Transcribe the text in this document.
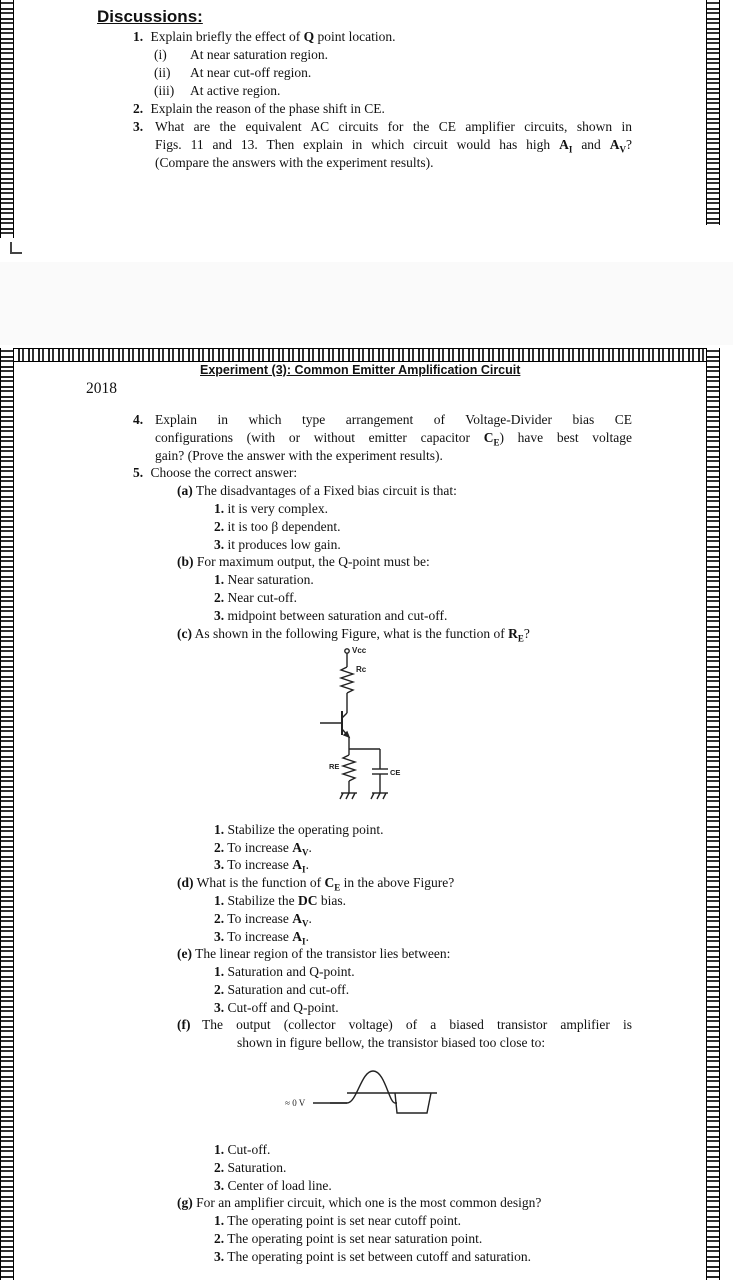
Discussions:
1. Explain briefly the effect of Q point location.
(i) At near saturation region.
(ii) At near cut-off region.
(iii) At active region.
2. Explain the reason of the phase shift in CE.
3. What are the equivalent AC circuits for the CE amplifier circuits, shown in
Figs. 11 and 13. Then explain in which circuit would has high $A_I$ and $A_V$?
(Compare the answers with the experiment results).
Experiment (3): Common Emitter Amplification Circuit
2018
4. Explain in which type arrangement of Voltage-Divider bias CE
configurations (with or without emitter capacitor $C_E$) have best voltage
gain? (Prove the answer with the experiment results).
5. Choose the correct answer:
(a) The disadvantages of a Fixed bias circuit is that:
1. it is very complex.
2. it is too β dependent.
3. it produces low gain.
(b) For maximum output, the Q-point must be:
1. Near saturation.
2. Near cut-off.
3. midpoint between saturation and cut-off.
(c) As shown in the following Figure, what is the function of $R_E$?
Vcc
Rc
RE
CE
1. Stabilize the operating point.
2. To increase $A_V$.
3. To increase $A_I$.
(d) What is the function of $C_E$ in the above Figure?
1. Stabilize the DC bias.
2. To increase $A_V$.
3. To increase $A_I$.
(e) The linear region of the transistor lies between:
1. Saturation and Q-point.
2. Saturation and cut-off.
3. Cut-off and Q-point.
(f) The output (collector voltage) of a biased transistor amplifier is
shown in figure bellow, the transistor biased too close to:
≈ 0 V
1. Cut-off.
2. Saturation.
3. Center of load line.
(g) For an amplifier circuit, which one is the most common design?
1. The operating point is set near cutoff point.
2. The operating point is set near saturation point.
3. The operating point is set between cutoff and saturation.
